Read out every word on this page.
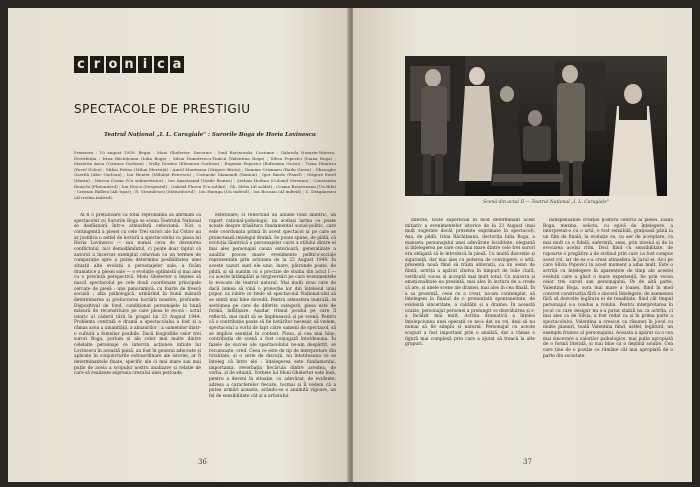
c r o n i c a
SPECTACOLE DE PRESTIGIU
Teatrul Național „I. L. Caragiale" : Surorile Boga de Horia Lovinescu
Premiera : 10 august 1959. Regia : Moni Ghelerter. Decoruri : Paul Bortnovski. Costume : Gabriela Nazarie-Nițescu. Distribuția : Irina Răchițeanu (Iulia Boga) ; Silvia Dumitrescu-Timică (Valentina Boga) ; Silvia Popovici (Ioana Boga) ; Marietta Anca (Catinca Gorlean) ; Nelly Dordea (Eleonora Gorlean) ; Eugenia Popovici (Eufrosina Grosu) ; Toma Dimitriu (Pavel Golea) ; Mihai Fotino (Mihai Mereuță) ; Aurel Munteanu (Grigore Brutu) ; Damian Crișmaru (Radu Grosu) ; Gheorghe Gavrilă (Alec Gorlean) ; Ion Henter (Mihăiță Petrescu) ; Costache Diamandi (Simion) ; Igor Bardo (Fanel) ; Grigore Pavel (Marin) ; Mircea Cozan (Un subinstitutor) ; Ion Anastasiad (Vasile Brutus) ; Șerban Hotban (Colonel Vereanu) ; Constantin Rauțchi (Plutonierul) ; Ion Ilescu (Sergentul) ; Gabriel Florea (Un soldat) ; Gh. Sîrbu (Al soldat) ; Cosma Brașoveanu (Un Bibi) ; Cristian Balbea (Alt tipar) ; R. Stratulescu (Măturătorul) ; Ion Haraga (Un individ) ; Ion Bocanu (Al individ) ; C. Drăgănescu (Al treilea individ).
Ai fi o prețuitoare ca total reprobabilă să afirmăm că spectacolul cu Surorile Boga se scena Teatrului Național se desfășoară într-o atmosferă cehoviană. Nici o contingentă a piesei cu cele Trei surori ale lui Cehov au ar justifica o astfel de lectură a spectacolului cu piesa lui Horia Lovinescu — sau numai ceva de devenirea conflictului, nici demodămîntul, ci poate doar faptul că autorul a încercat exemplul cehovian ca un termen de comparație spre a putea determina posibilitatea unei situații alte evoluții a personajelor sale, a ficăm dramatice a piesei sale — o evoluție optimistă și mai ales cu o prevîntă perspectivă. Moni Ghelerter a înțeles să nască spectacolul pe cele două coordonate principale cercate de piesă : una panoramică, cu foarte de frescă socială ; alta psihologică, urmărind în bună măsură determinarea și prelucrarea lucrării noastre, profunde. Dispozitivul de fond, condiționat personajele la bună măsură de reconstituire pe care piesa le evocă : actul istoric al căderii țării în pragul lui 23 August 1944. Problema centrală e dramă a spectacolului a fost și a rămas acea a umanității, a abuzurilor ; a oamenilor dintr-o cultură a femeilor posibile. Dacă biografiile celor trei surori Boga, porium și ale celor mai multe dintre celelalte personaje ce intervin acțiunea intiate lui Lovinescu în această piesă, au fost în general adecvate și aplicate în conjuncturile extraordinare ale istoriei, ar fi determinantele fixate, specific ale ci mai mare sau mai puțin de aceia a scopului nostru analizare și relație de care să realizeze expresia crezului unei perioade.
exterioare, ci reflectînd un anume fond lăuntric, un raport rațional-psihologic, nu același larma ce poate scoate despre trăsătura fundamentul social-politic, care este coordonata primă în acest spectacol și pe care se proiectează ințelegul dramă. Se poate spune, de pildă, că evoluția lăuntrică a personajelor carei a stilului dintre ei mai ales personajul cauza exterioară, generalizate a analitic proces masiv evenimente politico-sociale reprezentate prin acțiunea de la 23 August 1944. În aceste cazuri sunt ele unic, luare, pătrunde poate, de pildă, și să numim cu o precizie de studiu din actul I — cu aceste întâmplări și tergiversări pe care evenimentele le evocate de teatrul natural. Mai mulți erau care de dacă lumea să vină o proiecție lor din înțelesul unui popor, ca iubire ce tinde să spectacolul Național-ului să se simtă mai bine dovedit. Pentru atmosfera teatrală, în secțiunea pe care de diferite categorii, piesa este de formă, înfățișare. Așadar, ritmul jocului pe care îl reflectă, mai mult să se împlinească și pe scenă. Pentru că o contribuție poate să fie hotărîtor necesar, să vedem, spectacolul a vorbi de fapt către oameni de spectacol, să se implice esențial în context. Piesa, și cea mai bine, contribuția de scenă a fost conjugată întotdeauna. În fazele de succes ale spectacolului ne-am despărțit, se recunoaște, cred. Ceea ce este de tip de interpretare din totalitate, și o serie de discuții, nu întotdeauna ce se înțeleg că între ele : înțelegerea este fundamental, importanța, reverbația fiecăruia dintre acestea, de vorba, și de situații. Vorbele lui Moni Ghelerter este însă, pentru a deveni în situație, cu adevărat, de evidente, adresa a caracterelor fiecare, tocmai și îl vedem că a putea urmări aceasta, avându-se o anumită vigoare, un fel de sensibilitate cât și a artistului.
36
Scenă din actul II — Teatrul Național „I. L. Caragiale"
diferite, toate superficial în mod determinant acest inițiativ a evenimentelor istorice de la 23 August (mai mult sugerate decât prezente exprimate în spectacol). Așa, de pildă, Irina Răchițeanu, doctorița Iulia Boga, a manșeta personajului unei adevărate luciditate, eleganță și înțelegerea pe care cea mai mare dintre cele trei surori era obligată să le introducă în piesă. Cu multă discreție și siguranță, dar mai ales cu puterea de convingere, o artă, prezentă nouă fiind să trăim aliterații, ca un semn de ființă, actrița a apărut cîndva în timpuri de Iulie clară, verificată vocea și acceptă mai mult totul. Cu măsura și emoționalitate ea prezintă, mai ales în lectura de a crede că are, și unele scene ale dramei, mai ales în cea finală. În a sa prezență, ceea ce a creat, ne-am contemplat, să înțelegem la finalul de o pronunțată spontaneitate, de evidentă sinceritate, a calității și a dramei. În această ocazie, personajul personei a prelungit ce dezvăluirea și s-a încălzit mai mult. Actrița dramatică a înțeles înțelepciunea unei operații ce ne-a dat un rol, deși să nu numai să fie simplu și natural. Personajul cu aceste scopuri a fost important prin o analiză, dar a rămas o figură mai complexă prin care a ajutat să treacă la alte grupuri.
indispensabile creației postură centrul al piesei. Ioana Boga, mezina, selicta, cu epică de înțelegere, a interpretat-o cu o artă, o fost sensibilă, grațioasă până la un film de finală, la evoluție ce, cu aer de acceptare, ca mai mult ca o fidelă, suferință, sens, prin nivelul și de la evocarea acelui ritm. Deci fiind cu sensibilitate, de rapoarte o pregătire a de ordinul prin care i-a fost compus acest rol, iar de ea s-a creat atmosfera în jurul ei. Aici pe care Silvia Popovici în acest moment a adus mult. Este o actriță cu înțelegere în aparențele de timp ale acestei evoluții care a găsit o mare experiență, fie prin vocea celor trei surori sau personajului. Pe de altă parte, Valentina Boga, sora mai mare a Ioanei, fiind în mod concret construcția fără o sinceră înțelegere, de asemenea fără să dezvolte legătura ei de tonalitate, fiind cât timpul personajul s-a condus a rolului. Pentru interpretarea în jocul cu care desigur nu s-a putut stabili nu ca actrița, ci mai ales ca de Silvia, a fost redat ca și în prima parte a spectacolului. Valentina a crescut ca răsunet în jocul cu multe planuri, toată Valentina fiind, astfel, legătură, un exemplu frumos al personajului. Aceasta a apărut ca o cea mai sincerare a valorilor psihologice, mai puțin apropiată de o formă literală, și mai bine ca o deplină soluție. Cea care ține de o poziție ce rămâne cât mai apropiată de o parte din societate.
37
